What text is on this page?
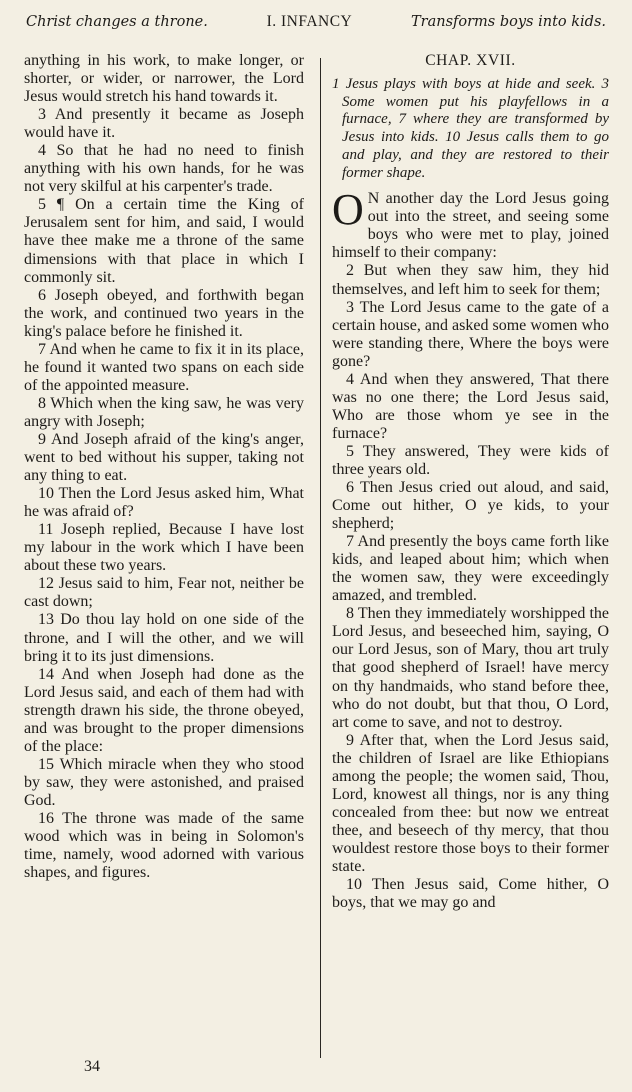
Christ changes a throne.	I. INFANCY	Transforms boys into kids.

anything in his work, to make longer, or shorter, or wider, or narrower, the Lord Jesus would stretch his hand towards it.

3 And presently it became as Joseph would have it.

4 So that he had no need to finish anything with his own hands, for he was not very skilful at his carpenter's trade.

5 ¶ On a certain time the King of Jerusalem sent for him, and said, I would have thee make me a throne of the same dimensions with that place in which I commonly sit.

6 Joseph obeyed, and forthwith began the work, and continued two years in the king's palace before he finished it.

7 And when he came to fix it in its place, he found it wanted two spans on each side of the appointed measure.

8 Which when the king saw, he was very angry with Joseph;

9 And Joseph afraid of the king's anger, went to bed without his supper, taking not any thing to eat.

10 Then the Lord Jesus asked him, What he was afraid of?

11 Joseph replied, Because I have lost my labour in the work which I have been about these two years.

12 Jesus said to him, Fear not, neither be cast down;

13 Do thou lay hold on one side of the throne, and I will the other, and we will bring it to its just dimensions.

14 And when Joseph had done as the Lord Jesus said, and each of them had with strength drawn his side, the throne obeyed, and was brought to the proper dimensions of the place:

15 Which miracle when they who stood by saw, they were astonished, and praised God.

16 The throne was made of the same wood which was in being in Solomon's time, namely, wood adorned with various shapes, and figures.

CHAP. XVII.
1 Jesus plays with boys at hide and seek. 3 Some women put his playfellows in a furnace, 7 where they are transformed by Jesus into kids. 10 Jesus calls them to go and play, and they are restored to their former shape.

O N another day the Lord Jesus going out into the street, and seeing some boys who were met to play, joined himself to their company:

2 But when they saw him, they hid themselves, and left him to seek for them;

3 The Lord Jesus came to the gate of a certain house, and asked some women who were standing there, Where the boys were gone?

4 And when they answered, That there was no one there; the Lord Jesus said, Who are those whom ye see in the furnace?

5 They answered, They were kids of three years old.

6 Then Jesus cried out aloud, and said, Come out hither, O ye kids, to your shepherd;

7 And presently the boys came forth like kids, and leaped about him; which when the women saw, they were exceedingly amazed, and trembled.

8 Then they immediately worshipped the Lord Jesus, and beseeched him, saying, O our Lord Jesus, son of Mary, thou art truly that good shepherd of Israel! have mercy on thy handmaids, who stand before thee, who do not doubt, but that thou, O Lord, art come to save, and not to destroy.

9 After that, when the Lord Jesus said, the children of Israel are like Ethiopians among the people; the women said, Thou, Lord, knowest all things, nor is any thing concealed from thee: but now we entreat thee, and beseech of thy mercy, that thou wouldest restore those boys to their former state.

10 Then Jesus said, Come hither, O boys, that we may go and

34
